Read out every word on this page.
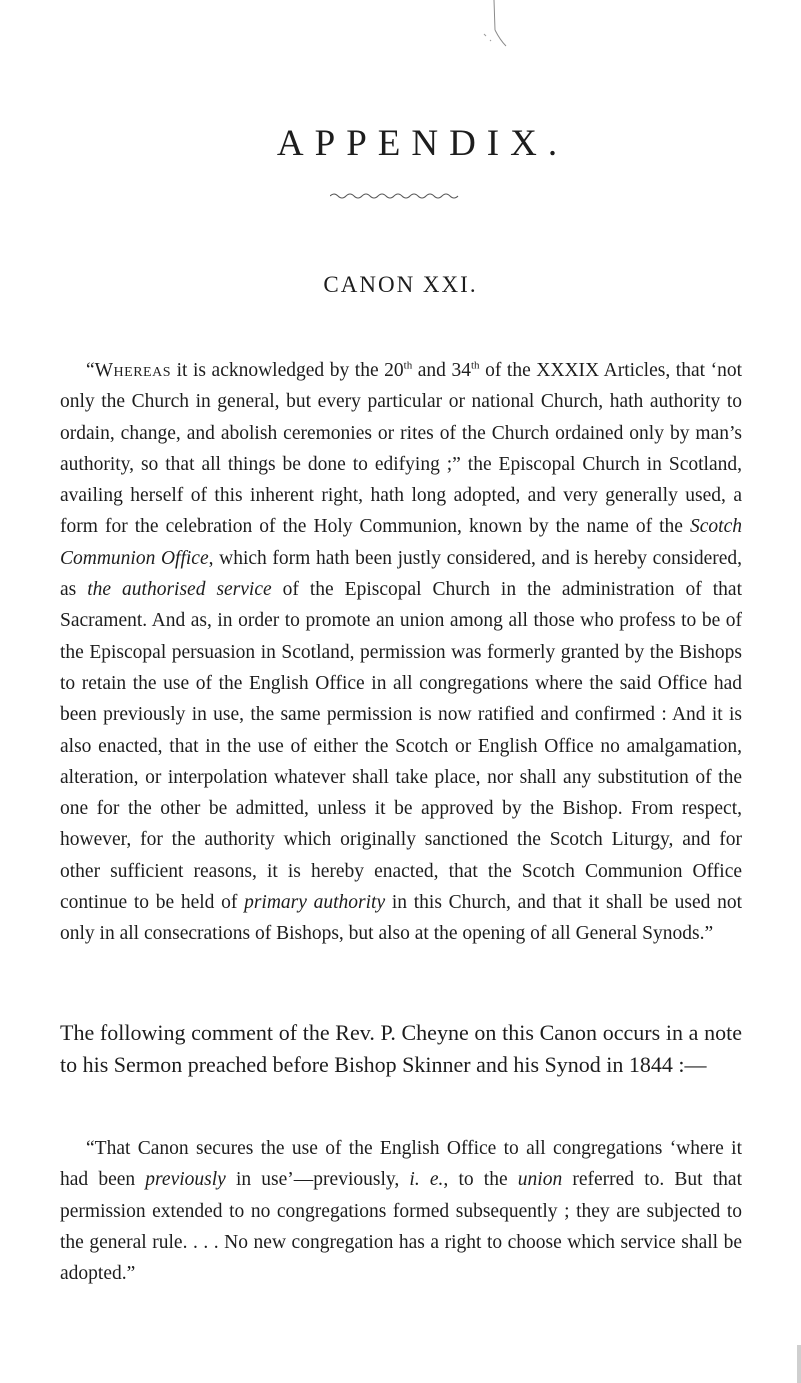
APPENDIX.
CANON XXI.

“Whereas it is acknowledged by the 20th and 34th of the XXXIX Articles, that ‘not only the Church in general, but every particular or national Church, hath authority to ordain, change, and abolish ceremonies or rites of the Church ordained only by man’s authority, so that all things be done to edifying ;” the Episcopal Church in Scotland, availing herself of this inherent right, hath long adopted, and very generally used, a form for the celebration of the Holy Communion, known by the name of the Scotch Communion Office, which form hath been justly considered, and is hereby considered, as the authorised service of the Episcopal Church in the administration of that Sacrament. And as, in order to promote an union among all those who profess to be of the Episcopal persuasion in Scotland, permission was formerly granted by the Bishops to retain the use of the English Office in all congregations where the said Office had been previously in use, the same permission is now ratified and confirmed : And it is also enacted, that in the use of either the Scotch or English Office no amalgamation, alteration, or interpolation whatever shall take place, nor shall any substitution of the one for the other be admitted, unless it be approved by the Bishop. From respect, however, for the authority which originally sanctioned the Scotch Liturgy, and for other sufficient reasons, it is hereby enacted, that the Scotch Communion Office continue to be held of primary authority in this Church, and that it shall be used not only in all consecrations of Bishops, but also at the opening of all General Synods.”

The following comment of the Rev. P. Cheyne on this Canon occurs in a note to his Sermon preached before Bishop Skinner and his Synod in 1844 :—

“That Canon secures the use of the English Office to all congregations ‘where it had been previously in use’—previously, i. e., to the union referred to. But that permission extended to no congregations formed subsequently ; they are subjected to the general rule. . . . No new congregation has a right to choose which service shall be adopted.”
